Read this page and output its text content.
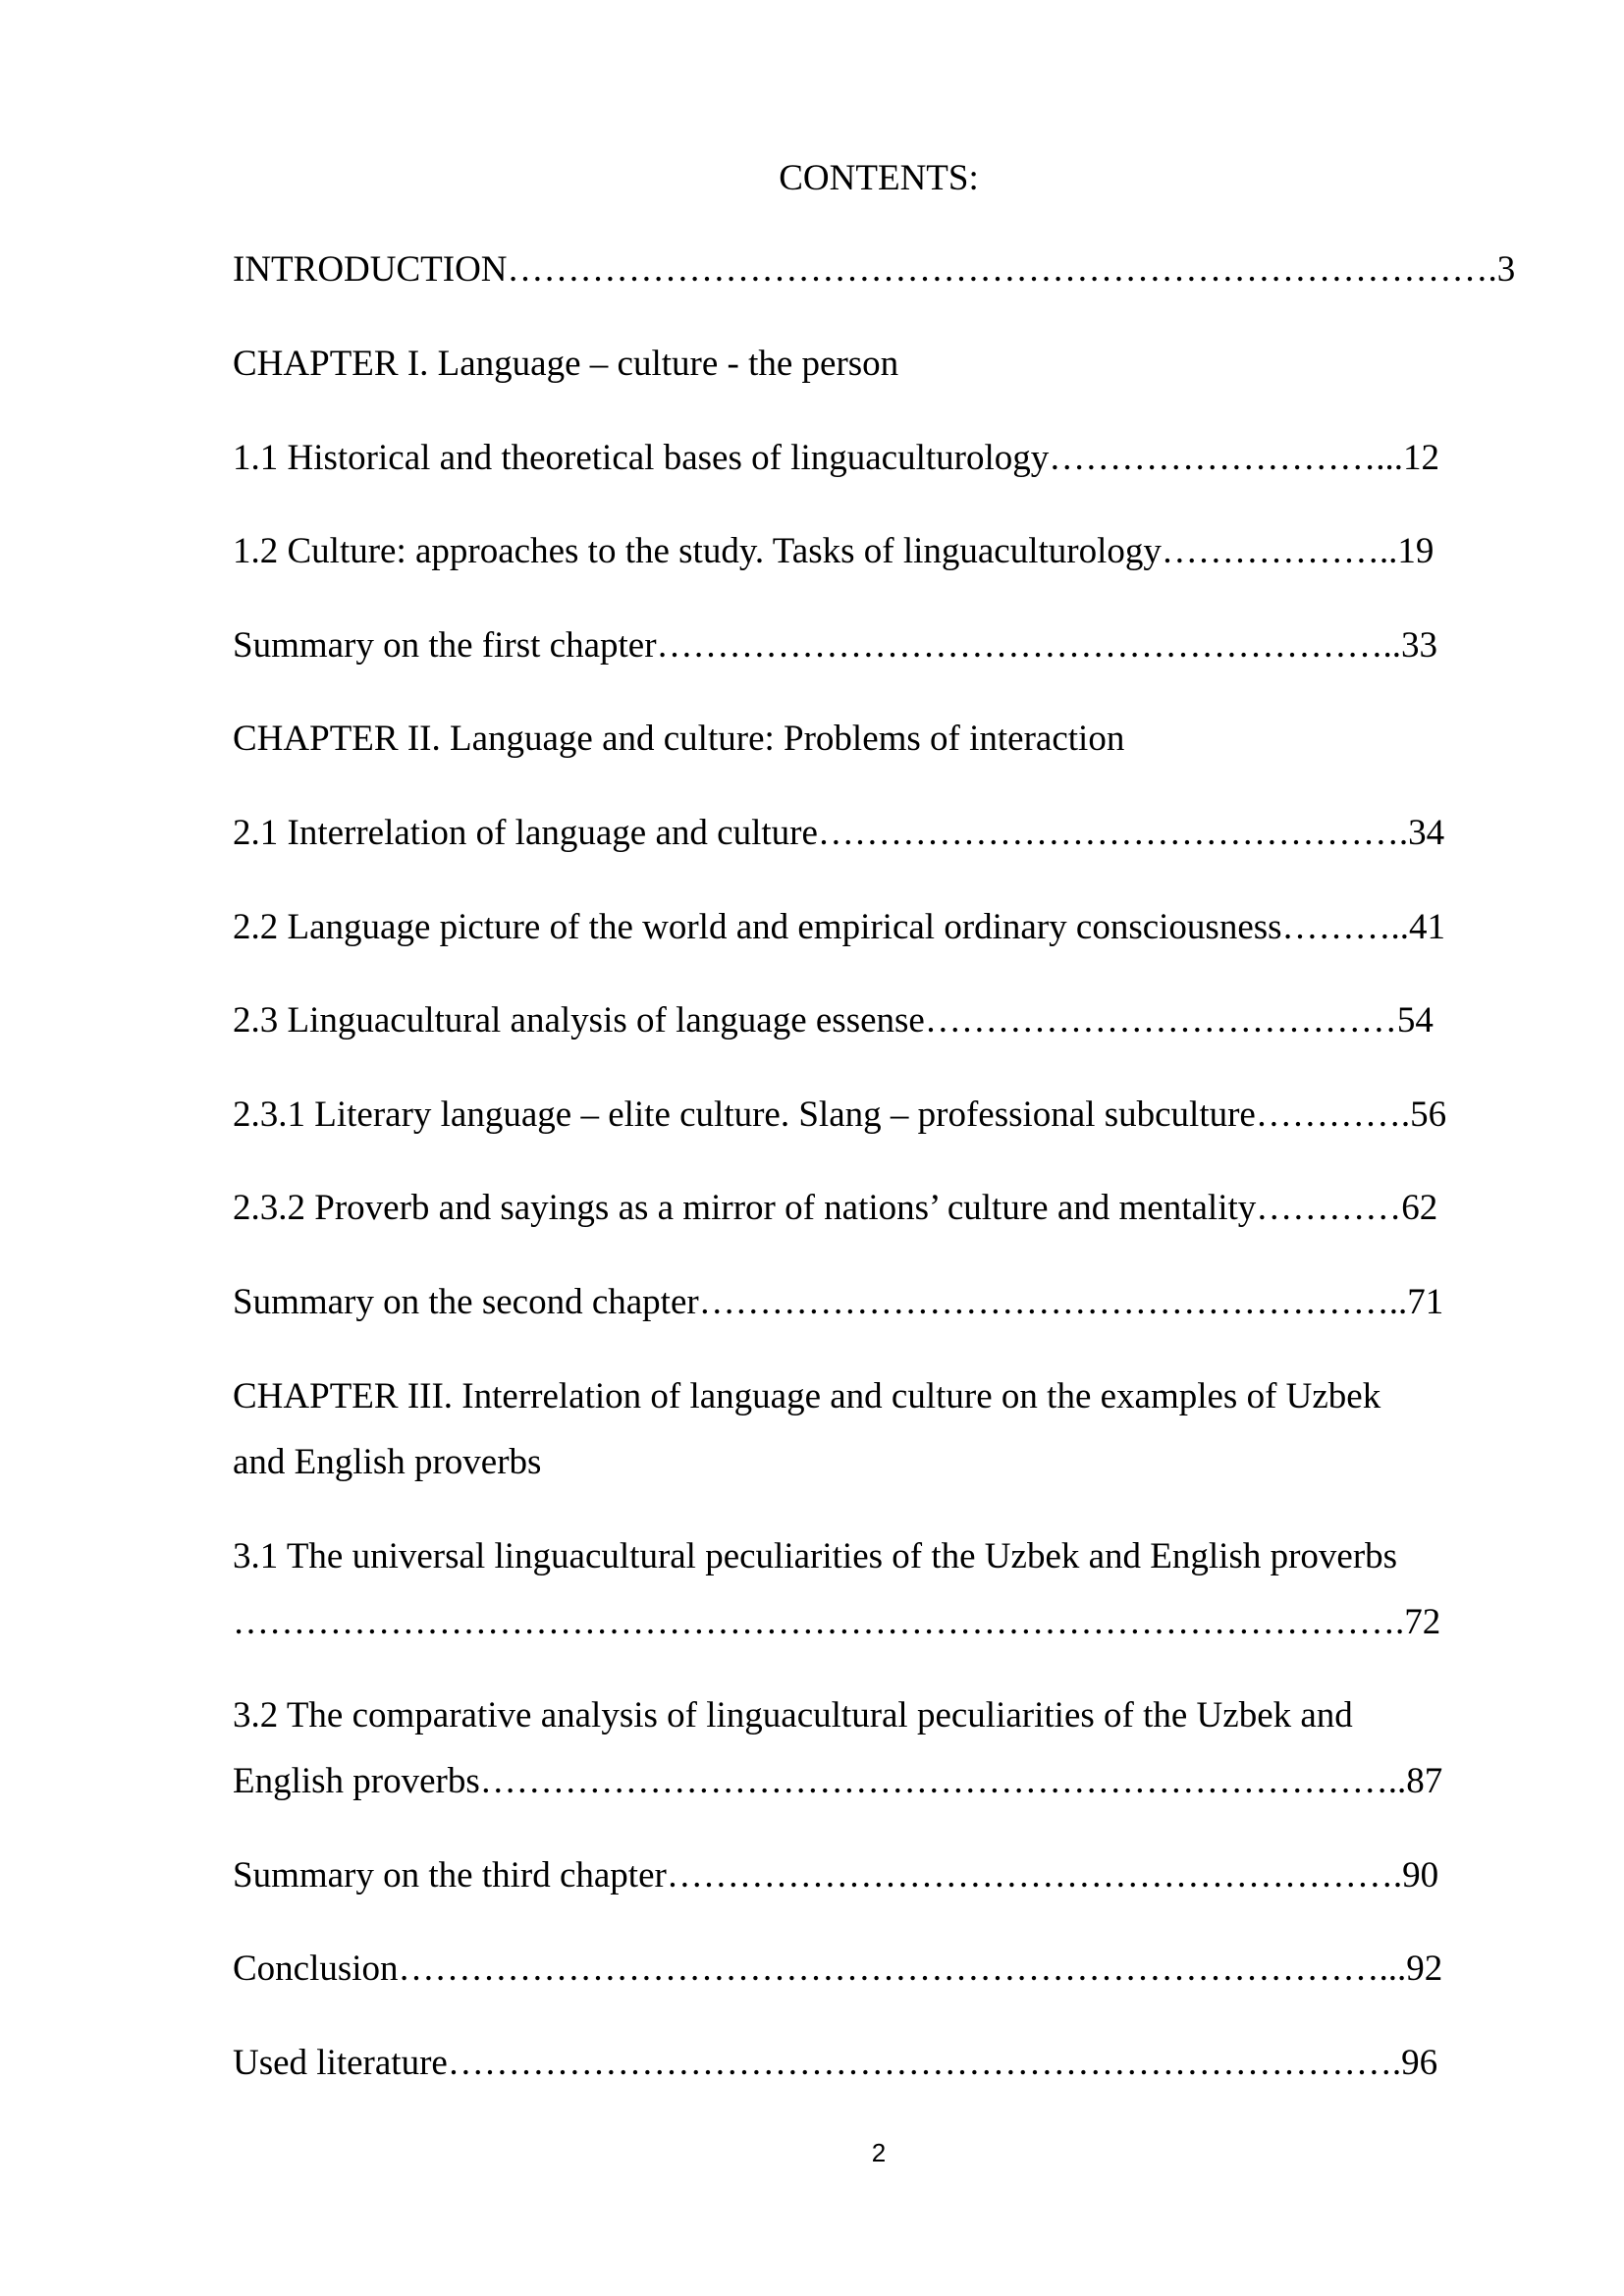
CONTENTS:
INTRODUCTION……………………………………………………………………….3
CHAPTER I. Language – culture - the person
1.1 Historical and theoretical bases of linguaculturology………………………...12
1.2 Culture: approaches to the study. Tasks of linguaculturology………………..19
Summary on the first chapter……………………………………………………..33
CHAPTER II. Language and culture: Problems of interaction
2.1 Interrelation of language and culture………………………………………….34
2.2 Language picture of the world and empirical ordinary consciousness………..41
2.3 Linguacultural analysis of language essense…………………………………54
2.3.1 Literary language – elite culture. Slang – professional subculture………….56
2.3.2 Proverb and sayings as a mirror of nations’ culture and mentality…………62
Summary on the second chapter…………………………………………………..71
CHAPTER III. Interrelation of language and culture on the examples of Uzbek
and English proverbs
3.1 The universal linguacultural peculiarities of the Uzbek and English proverbs
…………………………………………………………………………………….72
3.2 The comparative analysis of linguacultural peculiarities of the Uzbek and
English proverbs…………………………………………………………………..87
Summary on the third chapter…………………………………………………….90
Conclusion………………………………………………………………………...92
Used literature…………………………………………………………………….96
2
